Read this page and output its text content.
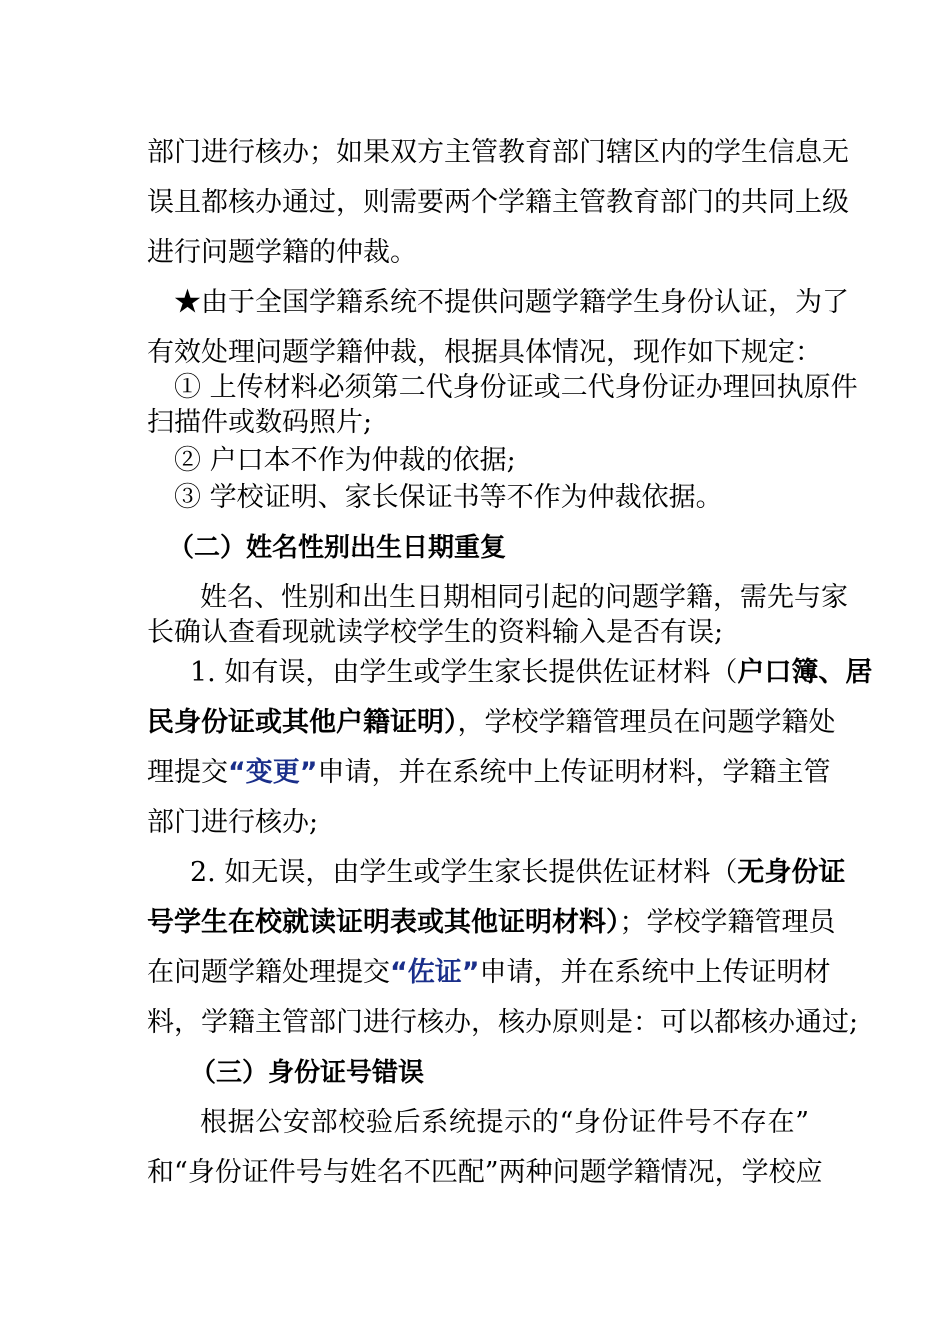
部门进行核办；如果双方主管教育部门辖区内的学生信息无
误且都核办通过，则需要两个学籍主管教育部门的共同上级
进行问题学籍的仲裁。
★由于全国学籍系统不提供问题学籍学生身份认证，为了
有效处理问题学籍仲裁，根据具体情况，现作如下规定：
① 上传材料必须第二代身份证或二代身份证办理回执原件
扫描件或数码照片;
② 户口本不作为仲裁的依据;
③ 学校证明、家长保证书等不作为仲裁依据。
（二）姓名性别出生日期重复
姓名、性别和出生日期相同引起的问题学籍，需先与家
长确认查看现就读学校学生的资料输入是否有误;
1. 如有误，由学生或学生家长提供佐证材料（户口簿、居
民身份证或其他户籍证明），学校学籍管理员在问题学籍处
理提交“变更”申请，并在系统中上传证明材料，学籍主管
部门进行核办;
2. 如无误，由学生或学生家长提供佐证材料（无身份证
号学生在校就读证明表或其他证明材料）；学校学籍管理员
在问题学籍处理提交“佐证”申请，并在系统中上传证明材
料，学籍主管部门进行核办，核办原则是：可以都核办通过;
（三）身份证号错误
根据公安部校验后系统提示的“身份证件号不存在”
和“身份证件号与姓名不匹配”两种问题学籍情况，学校应
